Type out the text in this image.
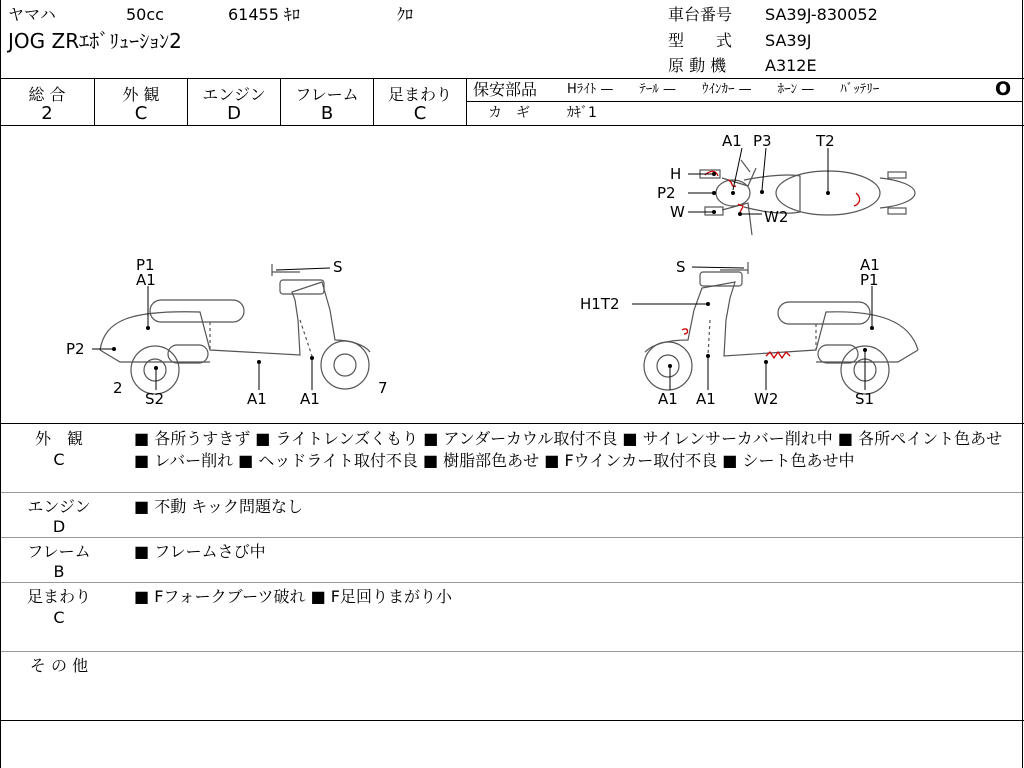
ヤマハ	50cc	61455 ｷﾛ	ｸﾛ
JOG ZRｴﾎﾞﾘｭｰｼｮﾝ2
車台番号 SA39J-830052
型　　式 SA39J
原 動 機 A312E
総 合
2
外 観
C
エンジン
D
フレーム
B
足まわり
C
保安部品 Hﾗｲﾄ —　　ﾃｰﾙ —　　ｳｲﾝｶｰ —　　ﾎｰﾝ —　　ﾊﾞｯﾃﾘｰ	O
カ　ギ	ｶｷﾞ1
A1 P3	T2
H
P2
W	W2
P1
A1
S
P2
2
S2	A1 A1
7
S	A1
P1
H1T2
A1 A1	W2	S1
外　観
C
■ 各所うすきず ■ ライトレンズくもり ■ アンダーカウル取付不良 ■ サイレンサーカバー削れ中 ■ 各所ペイント色あせ ■ レバー削れ ■ ヘッドライト取付不良 ■ 樹脂部色あせ ■ Fウインカー取付不良 ■ シート色あせ中
エンジン
D
■ 不動 キック問題なし
フレーム
B
■ フレームさび中
足まわり
C
■ Fフォークブーツ破れ ■ F足回りまがり小
そ の 他
